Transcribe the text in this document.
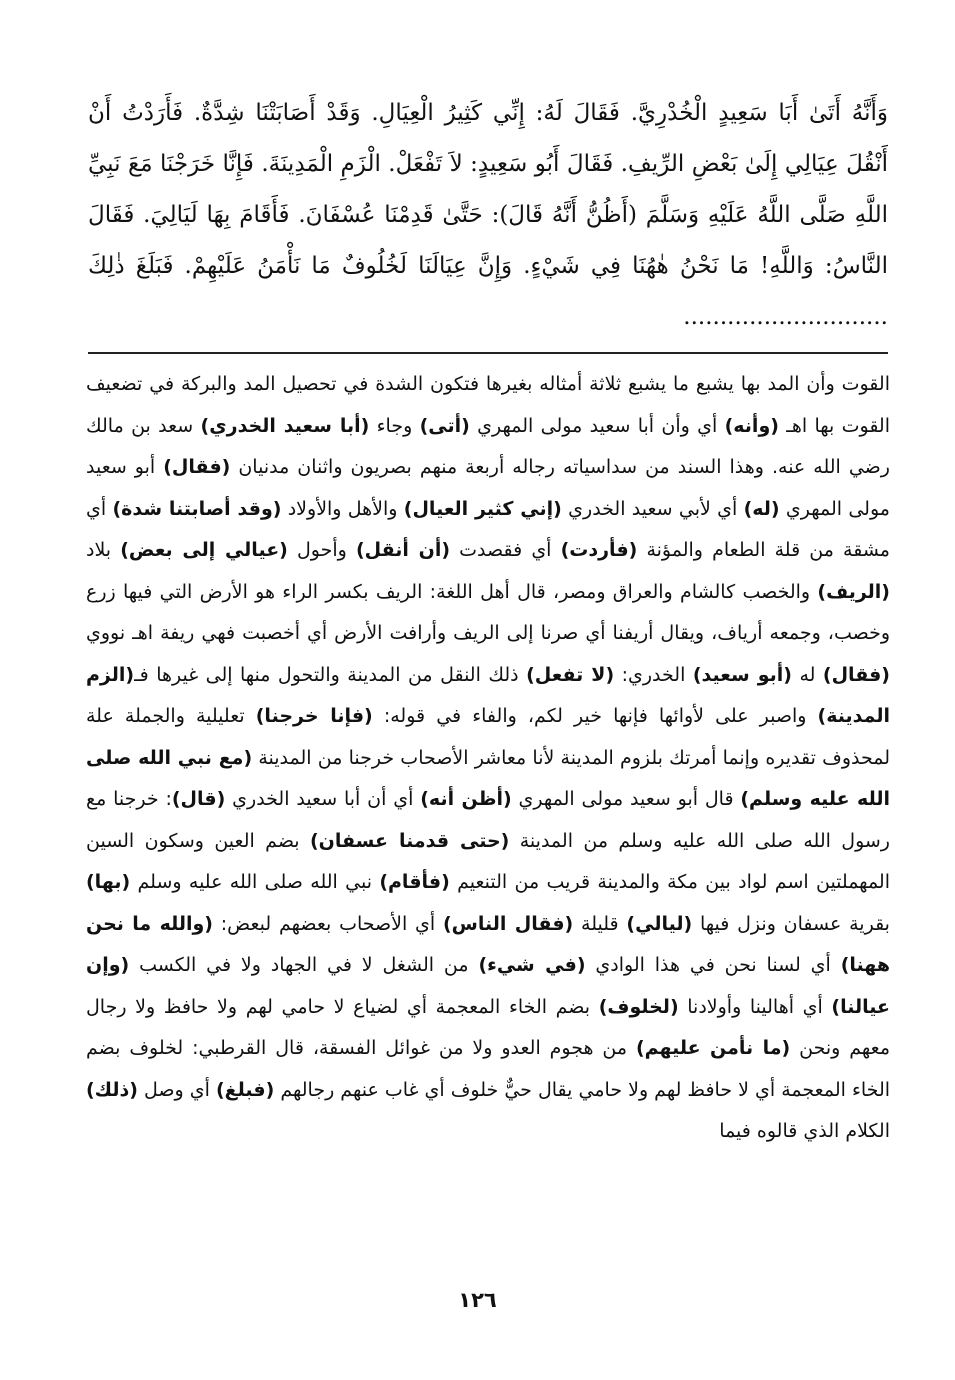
وَأَنَّهُ أَتَىٰ أَبَا سَعِيدٍ الْخُدْرِيَّ. فَقَالَ لَهُ: إِنِّي كَثِيرُ الْعِيَالِ. وَقَدْ أَصَابَتْنَا شِدَّةٌ. فَأَرَدْتُ أَنْ أَنْقُلَ عِيَالِي إِلَىٰ بَعْضِ الرِّيفِ. فَقَالَ أَبُو سَعِيدٍ: لاَ تَفْعَلْ. الْزَمِ الْمَدِينَةَ. فَإِنَّا خَرَجْنَا مَعَ نَبِيِّ اللَّهِ صَلَّى اللَّهُ عَلَيْهِ وَسَلَّمَ (أَظُنُّ أَنَّهُ قَالَ): حَتَّىٰ قَدِمْنَا عُسْفَانَ. فَأَقَامَ بِهَا لَيَالِيَ. فَقَالَ النَّاسُ: وَاللَّهِ! مَا نَحْنُ هٰهُنَا فِي شَيْءٍ. وَإِنَّ عِيَالَنَا لَخُلُوفٌ مَا نَأْمَنُ عَلَيْهِمْ. فَبَلَغَ ذٰلِكَ ............................

القوت وأن المد بها يشبع ما يشبع ثلاثة أمثاله بغيرها فتكون الشدة في تحصيل المد والبركة في تضعيف القوت بها اهـ (وأنه) أي وأن أبا سعيد مولى المهري (أتى) وجاء (أبا سعيد الخدري) سعد بن مالك رضي الله عنه. وهذا السند من سداسياته رجاله أربعة منهم بصريون واثنان مدنيان (فقال) أبو سعيد مولى المهري (له) أي لأبي سعيد الخدري (إني كثير العيال) والأهل والأولاد (وقد أصابتنا شدة) أي مشقة من قلة الطعام والمؤنة (فأردت) أي فقصدت (أن أنقل) وأحول (عيالي إلى بعض) بلاد (الريف) والخصب كالشام والعراق ومصر، قال أهل اللغة: الريف بكسر الراء هو الأرض التي فيها زرع وخصب، وجمعه أرياف، ويقال أريفنا أي صرنا إلى الريف وأرافت الأرض أي أخصبت فهي ريفة اهـ نووي (فقال) له (أبو سعيد) الخدري: (لا تفعل) ذلك النقل من المدينة والتحول منها إلى غيرها فـ(الزم المدينة) واصبر على لأوائها فإنها خير لكم، والفاء في قوله: (فإنا خرجنا) تعليلية والجملة علة لمحذوف تقديره وإنما أمرتك بلزوم المدينة لأنا معاشر الأصحاب خرجنا من المدينة (مع نبي الله صلى الله عليه وسلم) قال أبو سعيد مولى المهري (أظن أنه) أي أن أبا سعيد الخدري (قال): خرجنا مع رسول الله صلى الله عليه وسلم من المدينة (حتى قدمنا عسفان) بضم العين وسكون السين المهملتين اسم لواد بين مكة والمدينة قريب من التنعيم (فأقام) نبي الله صلى الله عليه وسلم (بها) بقرية عسفان ونزل فيها (ليالي) قليلة (فقال الناس) أي الأصحاب بعضهم لبعض: (والله ما نحن ههنا) أي لسنا نحن في هذا الوادي (في شيء) من الشغل لا في الجهاد ولا في الكسب (وإن عيالنا) أي أهالينا وأولادنا (لخلوف) بضم الخاء المعجمة أي لضياع لا حامي لهم ولا حافظ ولا رجال معهم ونحن (ما نأمن عليهم) من هجوم العدو ولا من غوائل الفسقة، قال القرطبي: لخلوف بضم الخاء المعجمة أي لا حافظ لهم ولا حامي يقال حيٌّ خلوف أي غاب عنهم رجالهم (فبلغ) أي وصل (ذلك) الكلام الذي قالوه فيما

١٢٦
